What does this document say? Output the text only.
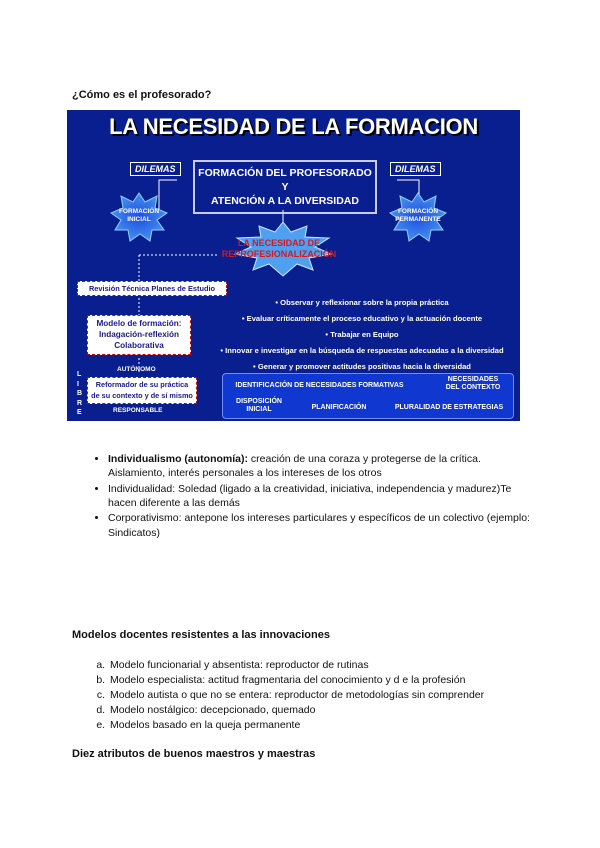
¿Cómo es el profesorado?
LA NECESIDAD DE LA FORMACION
DILEMAS	DILEMAS
FORMACIÓN DEL PROFESORADO Y
ATENCIÓN A LA DIVERSIDAD
FORMACIÓN
INICIAL
FORMACIÓN
PERMANENTE
LA NECESIDAD DE
REPROFESIONALIZACIÓN
Revisión Técnica Planes de Estudio
Modelo de formación:
Indagación-reflexión
Colaborativa
• Observar y reflexionar sobre la propia práctica
• Evaluar críticamente el proceso educativo y la actuación docente
• Trabajar en Equipo
• Innovar e investigar en la búsqueda de respuestas adecuadas a la diversidad
• Generar y promover actitudes positivas hacia la diversidad
AUTÓNOMO
L I B R E
Reformador de su práctica
de su contexto y de sí mismo
RESPONSABLE
IDENTIFICACIÓN DE NECESIDADES FORMATIVAS
NECESIDADES
DEL CONTEXTO
DISPOSICIÓN
INICIAL	PLANIFICACIÓN	PLURALIDAD DE ESTRATEGIAS
• Individualismo (autonomía): creación de una coraza y protegerse de la crítica. Aislamiento, interés personales a los intereses de los otros
• Individualidad: Soledad (ligado a la creatividad, iniciativa, independencia y madurez)Te hacen diferente a las demás
• Corporativismo: antepone los intereses particulares y específicos de un colectivo (ejemplo: Sindicatos)
Modelos docentes resistentes a las innovaciones
a. Modelo funcionarial y absentista: reproductor de rutinas
b. Modelo especialista: actitud fragmentaria del conocimiento y d e la profesión
c. Modelo autista o que no se entera: reproductor de metodologías sin comprender
d. Modelo nostálgico: decepcionado, quemado
e. Modelos basado en la queja permanente
Diez atributos de buenos maestros y maestras
